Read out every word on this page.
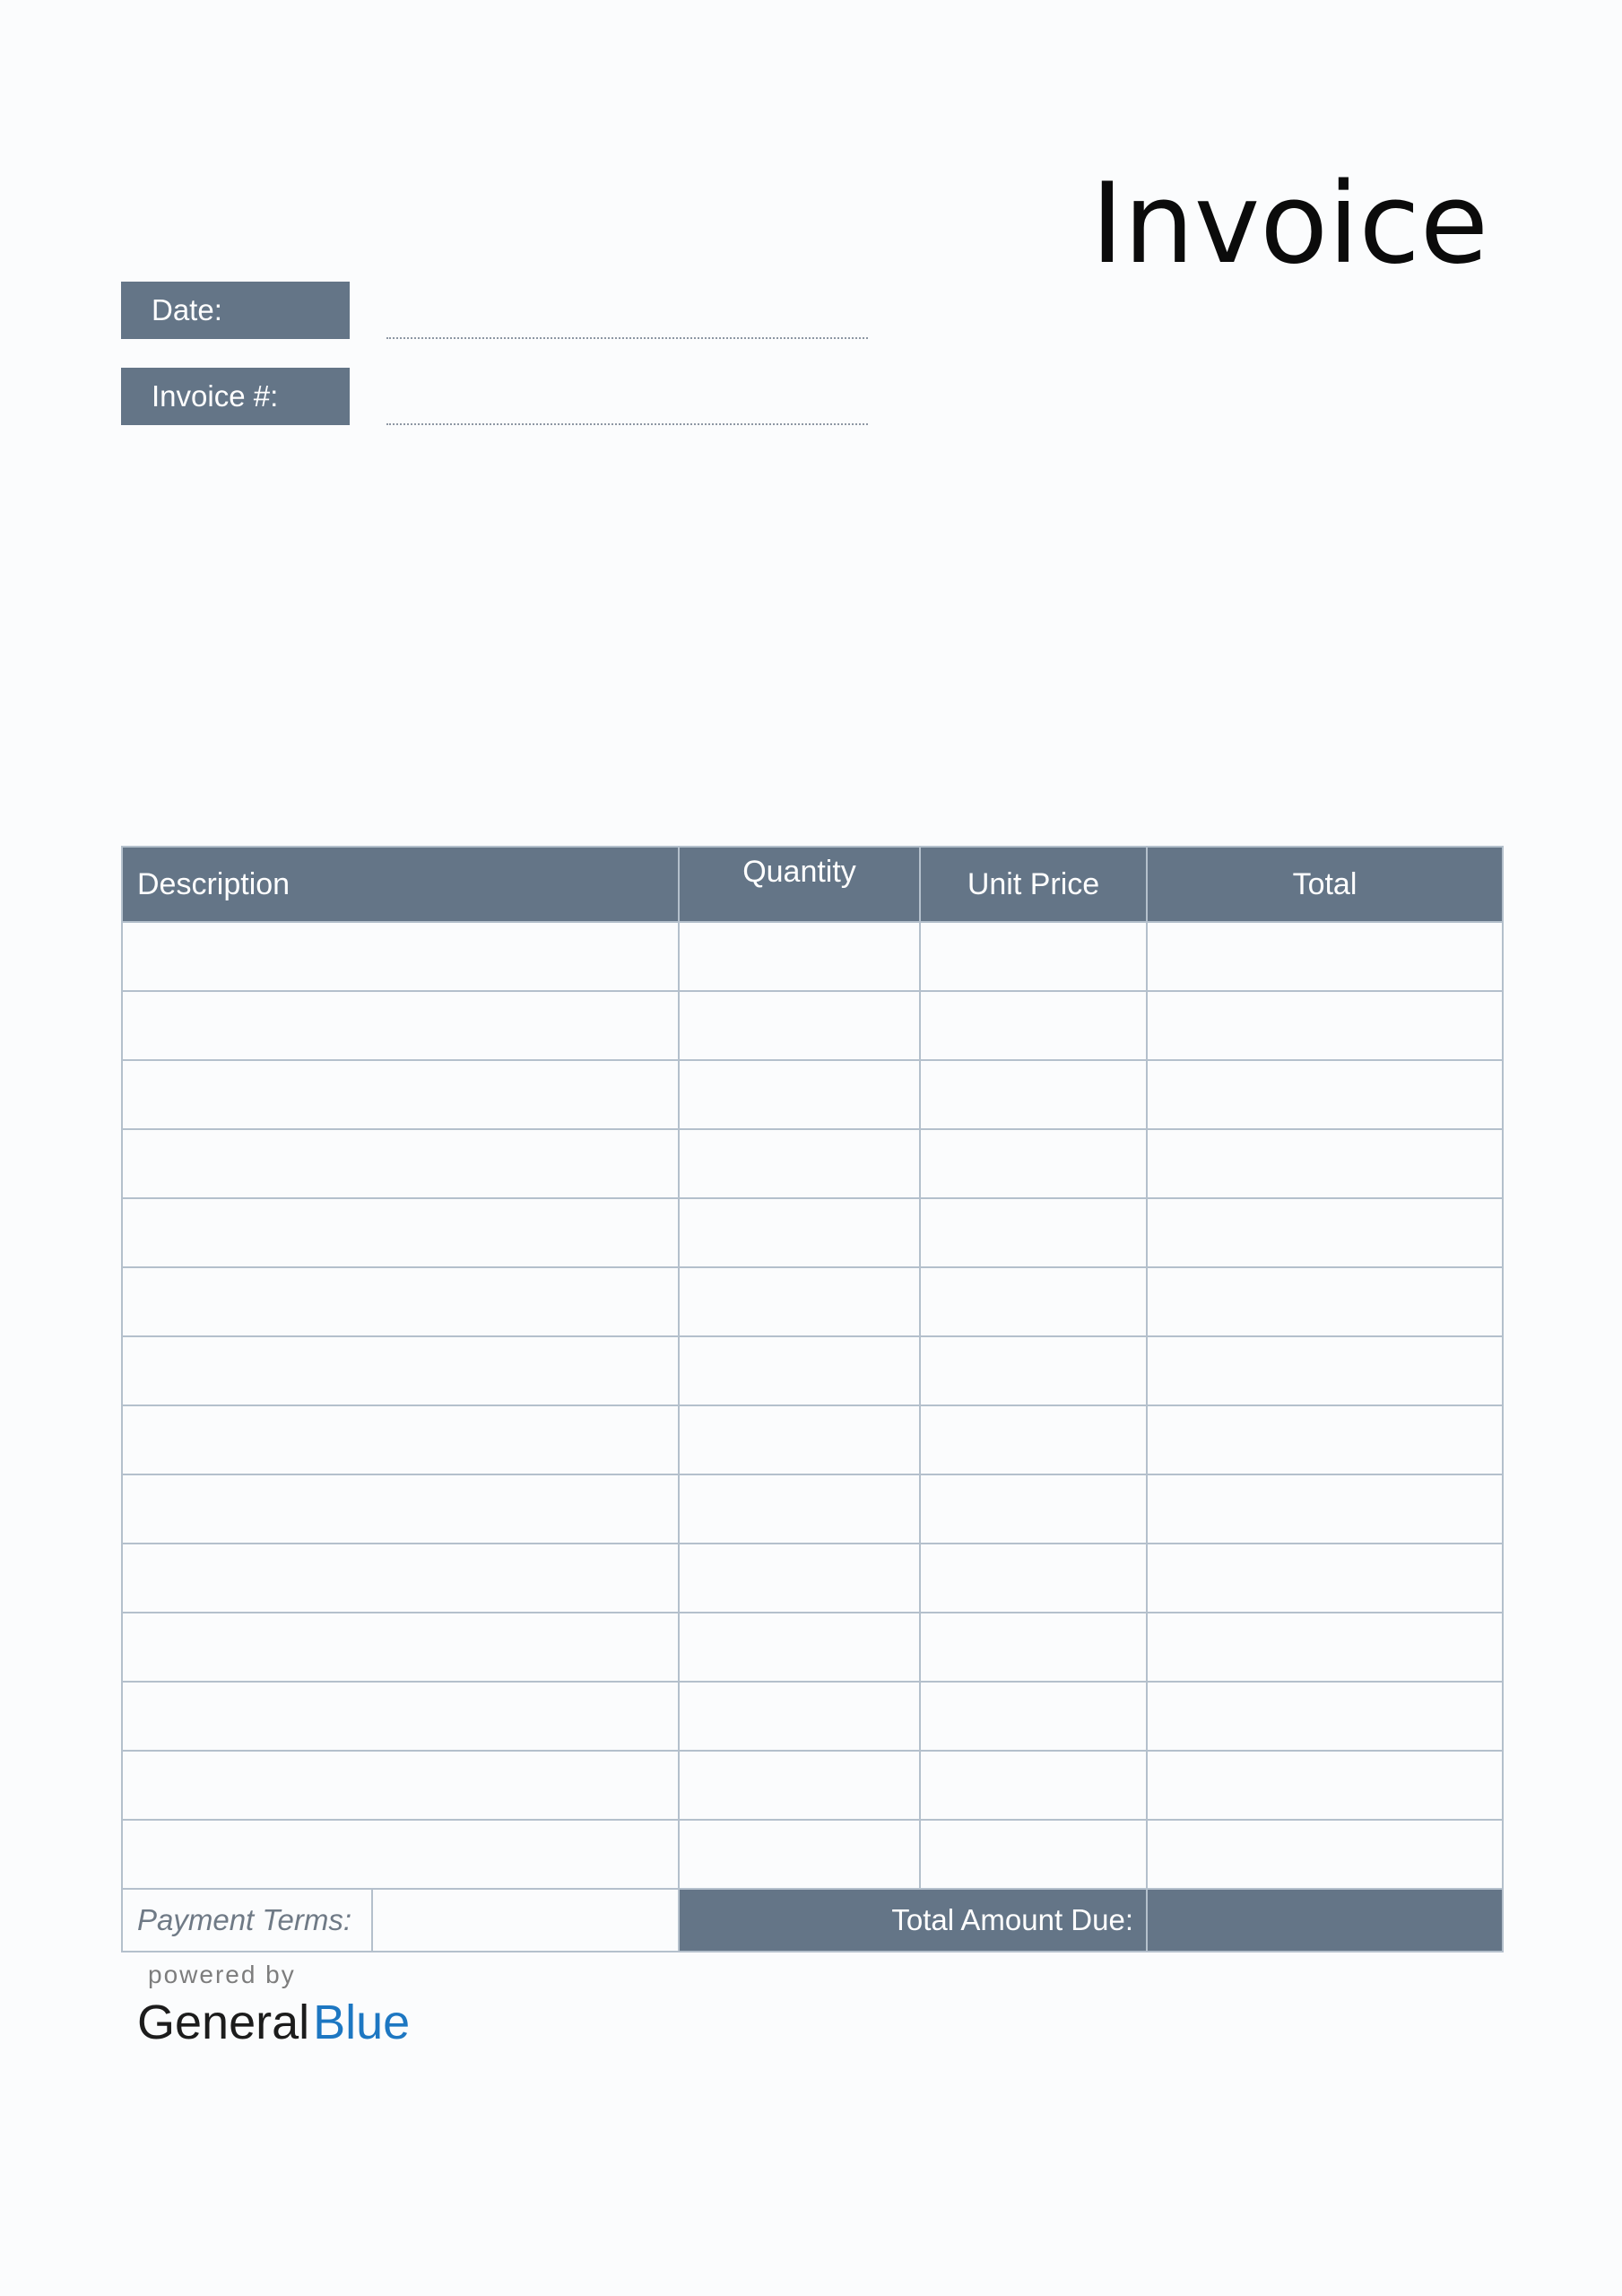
Invoice
Date:
Invoice #:
Description	Quantity	Unit Price	Total

Payment Terms:	Total Amount Due:		
powered by
GeneralBlue
